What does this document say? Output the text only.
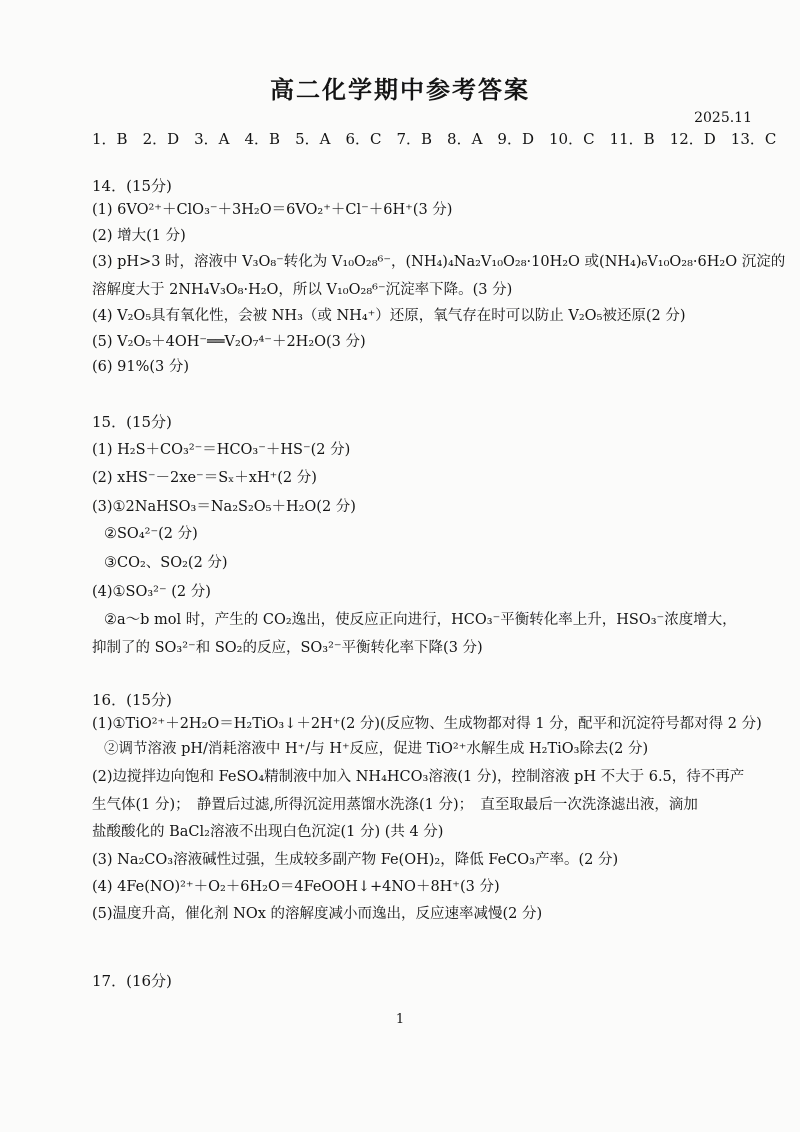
高二化学期中参考答案
2025.11
1．B　2．D　3．A　4．B　5．A　6．C　7．B　8．A　9．D　10．C　11．B　12．D　13．C
14．(15分)
(1) 6VO²⁺＋ClO₃⁻＋3H₂O＝6VO₂⁺＋Cl⁻＋6H⁺(3 分)
(2) 增大(1 分)
(3) pH>3 时，溶液中 V₃O₈⁻转化为 V₁₀O₂₈⁶⁻，(NH₄)₄Na₂V₁₀O₂₈·10H₂O 或(NH₄)₆V₁₀O₂₈·6H₂O 沉淀的
溶解度大于 2NH₄V₃O₈·H₂O，所以 V₁₀O₂₈⁶⁻沉淀率下降。(3 分)
(4) V₂O₅具有氧化性，会被 NH₃（或 NH₄⁺）还原，氧气存在时可以防止 V₂O₅被还原(2 分)
(5) V₂O₅＋4OH⁻══V₂O₇⁴⁻＋2H₂O(3 分)
(6) 91%(3 分)
15．(15分)
(1) H₂S＋CO₃²⁻＝HCO₃⁻＋HS⁻(2 分)
(2) xHS⁻－2xe⁻＝Sₓ＋xH⁺(2 分)
(3)①2NaHSO₃＝Na₂S₂O₅＋H₂O(2 分)
②SO₄²⁻(2 分)
③CO₂、SO₂(2 分)
(4)①SO₃²⁻ (2 分)
②a～b mol 时，产生的 CO₂逸出，使反应正向进行，HCO₃⁻平衡转化率上升，HSO₃⁻浓度增大，
抑制了的 SO₃²⁻和 SO₂的反应，SO₃²⁻平衡转化率下降(3 分)
16．(15分)
(1)①TiO²⁺＋2H₂O＝H₂TiO₃↓＋2H⁺(2 分)(反应物、生成物都对得 1 分，配平和沉淀符号都对得 2 分)
②调节溶液 pH/消耗溶液中 H⁺/与 H⁺反应，促进 TiO²⁺水解生成 H₂TiO₃除去(2 分)
(2)边搅拌边向饱和 FeSO₄精制液中加入 NH₄HCO₃溶液(1 分)，控制溶液 pH 不大于 6.5，待不再产
生气体(1 分)；　静置后过滤,所得沉淀用蒸馏水洗涤(1 分)；　直至取最后一次洗涤滤出液，滴加
盐酸酸化的 BaCl₂溶液不出现白色沉淀(1 分) (共 4 分)
(3) Na₂CO₃溶液碱性过强，生成较多副产物 Fe(OH)₂，降低 FeCO₃产率。(2 分)
(4) 4Fe(NO)²⁺＋O₂＋6H₂O＝4FeOOH↓+4NO＋8H⁺(3 分)
(5)温度升高，催化剂 NOx 的溶解度减小而逸出，反应速率减慢(2 分)
17．(16分)
1
